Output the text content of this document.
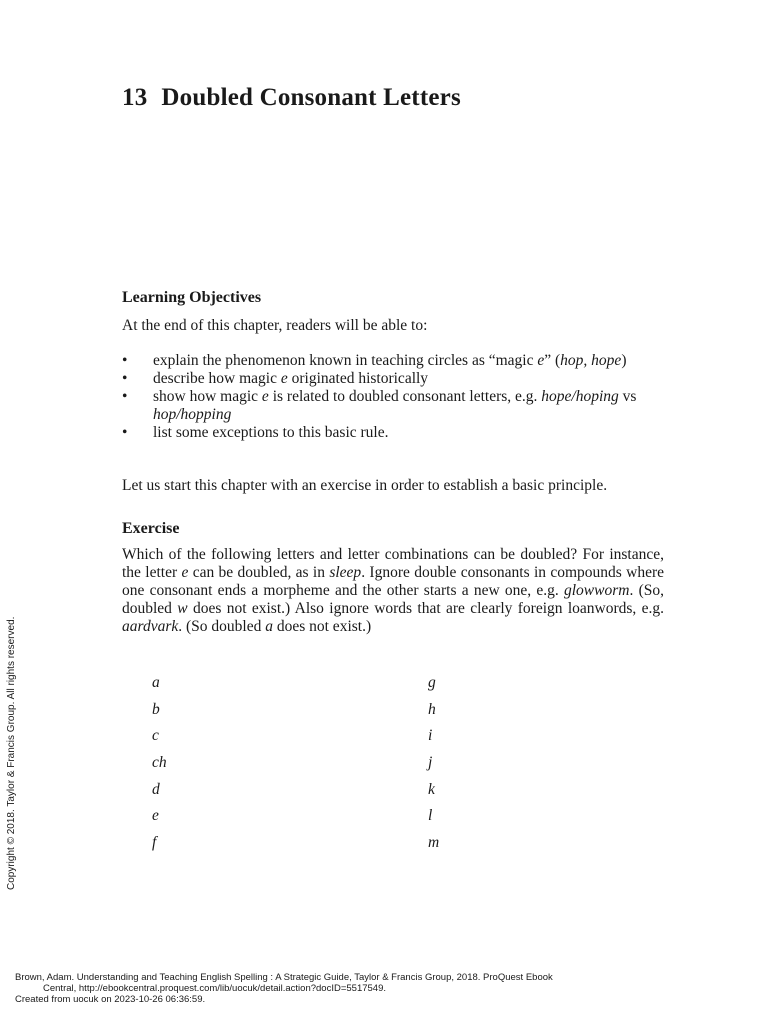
13 Doubled Consonant Letters
Learning Objectives

At the end of this chapter, readers will be able to:

• explain the phenomenon known in teaching circles as “magic e” (hop, hope)
• describe how magic e originated historically
• show how magic e is related to doubled consonant letters, e.g. hope/hoping vs hop/hopping
• list some exceptions to this basic rule.

Let us start this chapter with an exercise in order to establish a basic principle.

Exercise

Which of the following letters and letter combinations can be doubled? For instance, the letter e can be doubled, as in sleep. Ignore double consonants in compounds where one consonant ends a morpheme and the other starts a new one, e.g. glowworm. (So, doubled w does not exist.) Also ignore words that are clearly foreign loanwords, e.g. aardvark. (So doubled a does not exist.)

a
b
c
ch
d
e
f
g
h
i
j
k
l
m
Copyright © 2018. Taylor & Francis Group. All rights reserved.
Brown, Adam. Understanding and Teaching English Spelling : A Strategic Guide, Taylor & Francis Group, 2018. ProQuest Ebook
Central, http://ebookcentral.proquest.com/lib/uocuk/detail.action?docID=5517549.
Created from uocuk on 2023-10-26 06:36:59.
